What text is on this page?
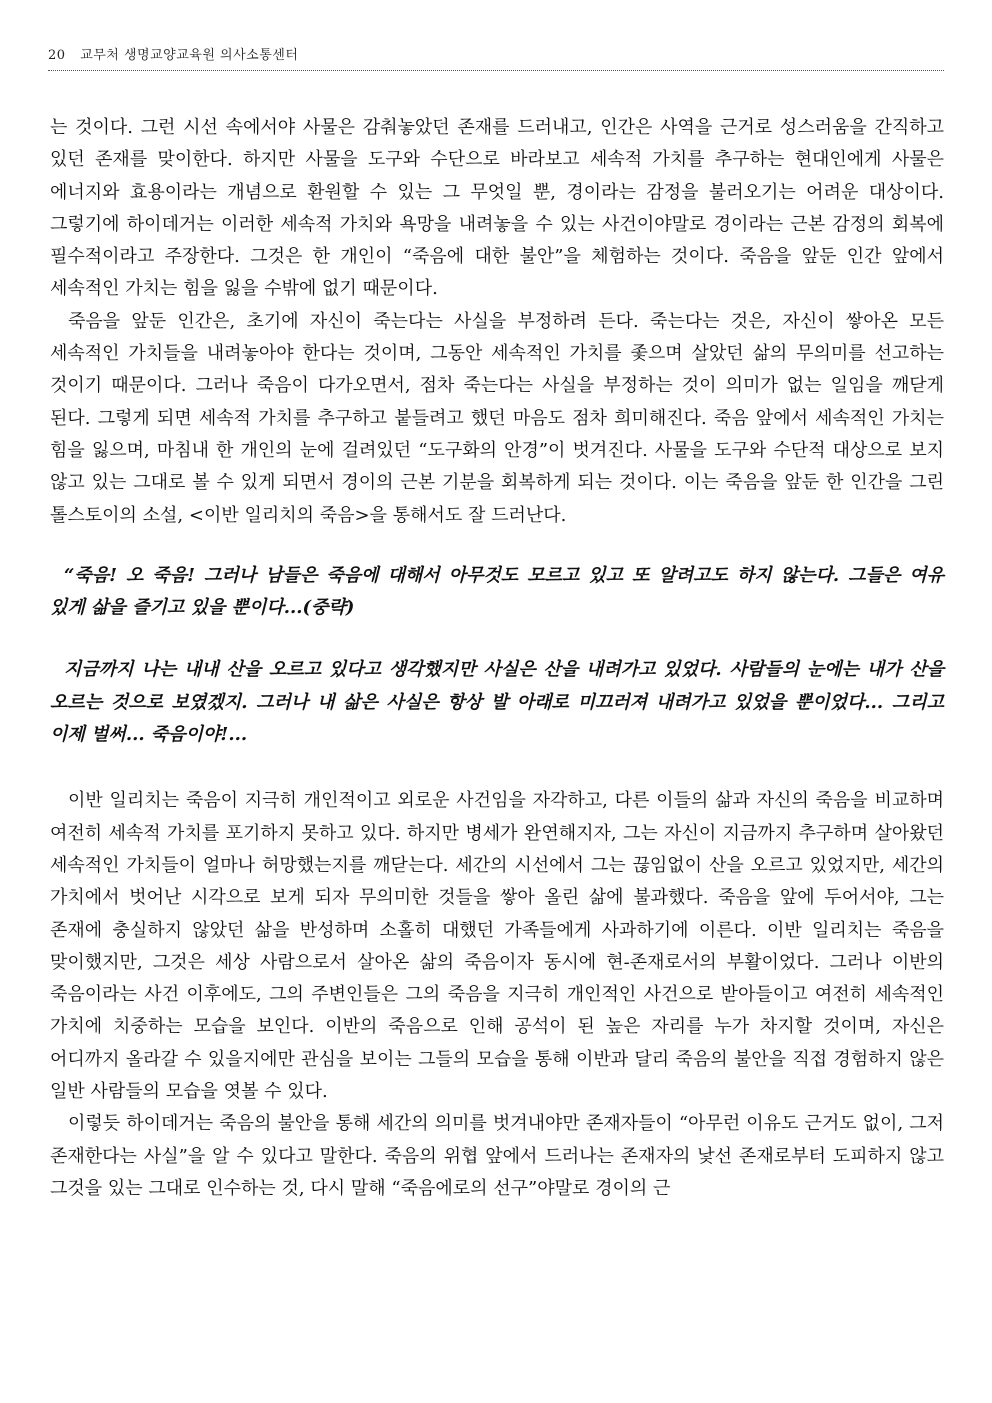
20 교무처 생명교양교육원 의사소통센터

는 것이다. 그런 시선 속에서야 사물은 감춰놓았던 존재를 드러내고, 인간은 사역을 근거로 성스러움을 간직하고 있던 존재를 맞이한다. 하지만 사물을 도구와 수단으로 바라보고 세속적 가치를 추구하는 현대인에게 사물은 에너지와 효용이라는 개념으로 환원할 수 있는 그 무엇일 뿐, 경이라는 감정을 불러오기는 어려운 대상이다. 그렇기에 하이데거는 이러한 세속적 가치와 욕망을 내려놓을 수 있는 사건이야말로 경이라는 근본 감정의 회복에 필수적이라고 주장한다. 그것은 한 개인이 “죽음에 대한 불안”을 체험하는 것이다. 죽음을 앞둔 인간 앞에서 세속적인 가치는 힘을 잃을 수밖에 없기 때문이다.

죽음을 앞둔 인간은, 초기에 자신이 죽는다는 사실을 부정하려 든다. 죽는다는 것은, 자신이 쌓아온 모든 세속적인 가치들을 내려놓아야 한다는 것이며, 그동안 세속적인 가치를 좇으며 살았던 삶의 무의미를 선고하는 것이기 때문이다. 그러나 죽음이 다가오면서, 점차 죽는다는 사실을 부정하는 것이 의미가 없는 일임을 깨닫게 된다. 그렇게 되면 세속적 가치를 추구하고 붙들려고 했던 마음도 점차 희미해진다. 죽음 앞에서 세속적인 가치는 힘을 잃으며, 마침내 한 개인의 눈에 걸려있던 “도구화의 안경”이 벗겨진다. 사물을 도구와 수단적 대상으로 보지 않고 있는 그대로 볼 수 있게 되면서 경이의 근본 기분을 회복하게 되는 것이다. 이는 죽음을 앞둔 한 인간을 그린 톨스토이의 소설, <이반 일리치의 죽음>을 통해서도 잘 드러난다.

“죽음! 오 죽음! 그러나 남들은 죽음에 대해서 아무것도 모르고 있고 또 알려고도 하지 않는다. 그들은 여유 있게 삶을 즐기고 있을 뿐이다...(중략)

지금까지 나는 내내 산을 오르고 있다고 생각했지만 사실은 산을 내려가고 있었다. 사람들의 눈에는 내가 산을 오르는 것으로 보였겠지. 그러나 내 삶은 사실은 항상 발 아래로 미끄러져 내려가고 있었을 뿐이었다... 그리고 이제 벌써... 죽음이야!...

이반 일리치는 죽음이 지극히 개인적이고 외로운 사건임을 자각하고, 다른 이들의 삶과 자신의 죽음을 비교하며 여전히 세속적 가치를 포기하지 못하고 있다. 하지만 병세가 완연해지자, 그는 자신이 지금까지 추구하며 살아왔던 세속적인 가치들이 얼마나 허망했는지를 깨닫는다. 세간의 시선에서 그는 끊임없이 산을 오르고 있었지만, 세간의 가치에서 벗어난 시각으로 보게 되자 무의미한 것들을 쌓아 올린 삶에 불과했다. 죽음을 앞에 두어서야, 그는 존재에 충실하지 않았던 삶을 반성하며 소홀히 대했던 가족들에게 사과하기에 이른다. 이반 일리치는 죽음을 맞이했지만, 그것은 세상 사람으로서 살아온 삶의 죽음이자 동시에 현-존재로서의 부활이었다. 그러나 이반의 죽음이라는 사건 이후에도, 그의 주변인들은 그의 죽음을 지극히 개인적인 사건으로 받아들이고 여전히 세속적인 가치에 치중하는 모습을 보인다. 이반의 죽음으로 인해 공석이 된 높은 자리를 누가 차지할 것이며, 자신은 어디까지 올라갈 수 있을지에만 관심을 보이는 그들의 모습을 통해 이반과 달리 죽음의 불안을 직접 경험하지 않은 일반 사람들의 모습을 엿볼 수 있다.

이렇듯 하이데거는 죽음의 불안을 통해 세간의 의미를 벗겨내야만 존재자들이 “아무런 이유도 근거도 없이, 그저 존재한다는 사실”을 알 수 있다고 말한다. 죽음의 위협 앞에서 드러나는 존재자의 낯선 존재로부터 도피하지 않고 그것을 있는 그대로 인수하는 것, 다시 말해 “죽음에로의 선구”야말로 경이의 근
